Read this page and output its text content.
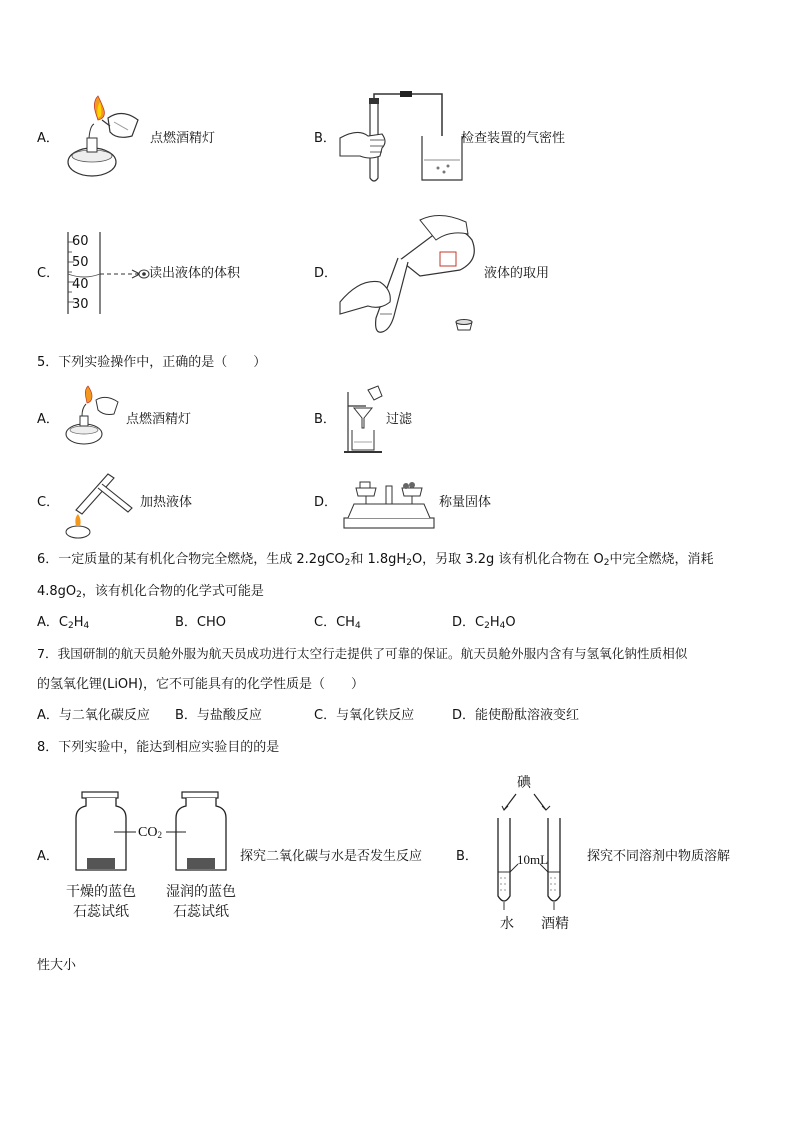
A．	点燃酒精灯	B．	检查装置的气密性
C．
60
50
40
30
读出液体的体积	D．	液体的取用
5．下列实验操作中，正确的是（　　）
A．	点燃酒精灯	B．	过滤
C．	加热液体	D．	称量固体
6．一定质量的某有机化合物完全燃烧，生成 2.2gCO$_2$和 $1.8gH_2O$，另取 3.2g 该有机化合物在 $O_2$中完全燃烧，消耗
$4.8gO_2$，该有机化合物的化学式可能是
A．$C_2H_4$	B．CHO	C．$CH_4$	D．$C_2H_4O$
7．我国研制的航天员舱外服为航天员成功进行太空行走提供了可靠的保证。航天员舱外服内含有与氢氧化钠性质相似
的氢氧化锂(LiOH)，它不可能具有的化学性质是（　　）
A．与二氧化碳反应 B．与盐酸反应	C．与氧化铁反应	D．能使酚酞溶液变红
8．下列实验中，能达到相应实验目的的是
A．
$CO_2$
干燥的蓝色
石蕊试纸
湿润的蓝色
石蕊试纸
探究二氧化碳与水是否发生反应	B．
碘
10mL
水 酒精
探究不同溶剂中物质溶解
性大小
